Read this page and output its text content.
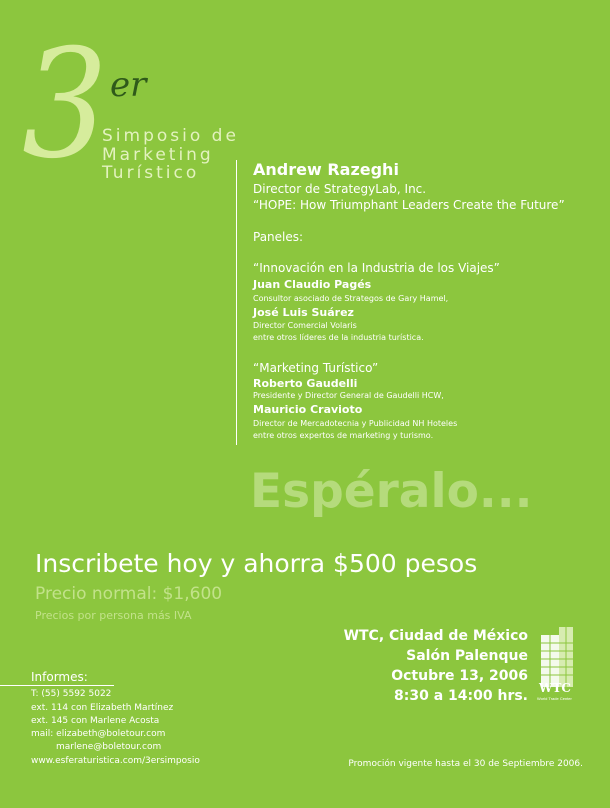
3 er
Simposio de
Marketing
Turístico	Andrew Razeghi
Director de StrategyLab, Inc.
“HOPE: How Triumphant Leaders Create the Future”
Paneles:
“Innovación en la Industria de los Viajes”
Juan Claudio Pagés
Consultor asociado de Strategos de Gary Hamel,
José Luis Suárez
Director Comercial Volaris
entre otros líderes de la industria turística.
“Marketing Turístico”
Roberto Gaudelli
Presidente y Director General de Gaudelli HCW,
Mauricio Cravioto
Director de Mercadotecnia y Publicidad NH Hoteles
entre otros expertos de marketing y turismo.
Espéralo...
Inscribete hoy y ahorra $500 pesos
Precio normal: $1,600
Precios por persona más IVA
WTC, Ciudad de México
Salón Palenque
Octubre 13, 2006
8:30 a 14:00 hrs. WTC
World Trade Center
Informes:
T: (55) 5592 5022
ext. 114 con Elizabeth Martínez
ext. 145 con Marlene Acosta
mail: elizabeth@boletour.com
marlene@boletour.com
www.esferaturistica.com/3ersimposio	Promoción vigente hasta el 30 de Septiembre 2006.
